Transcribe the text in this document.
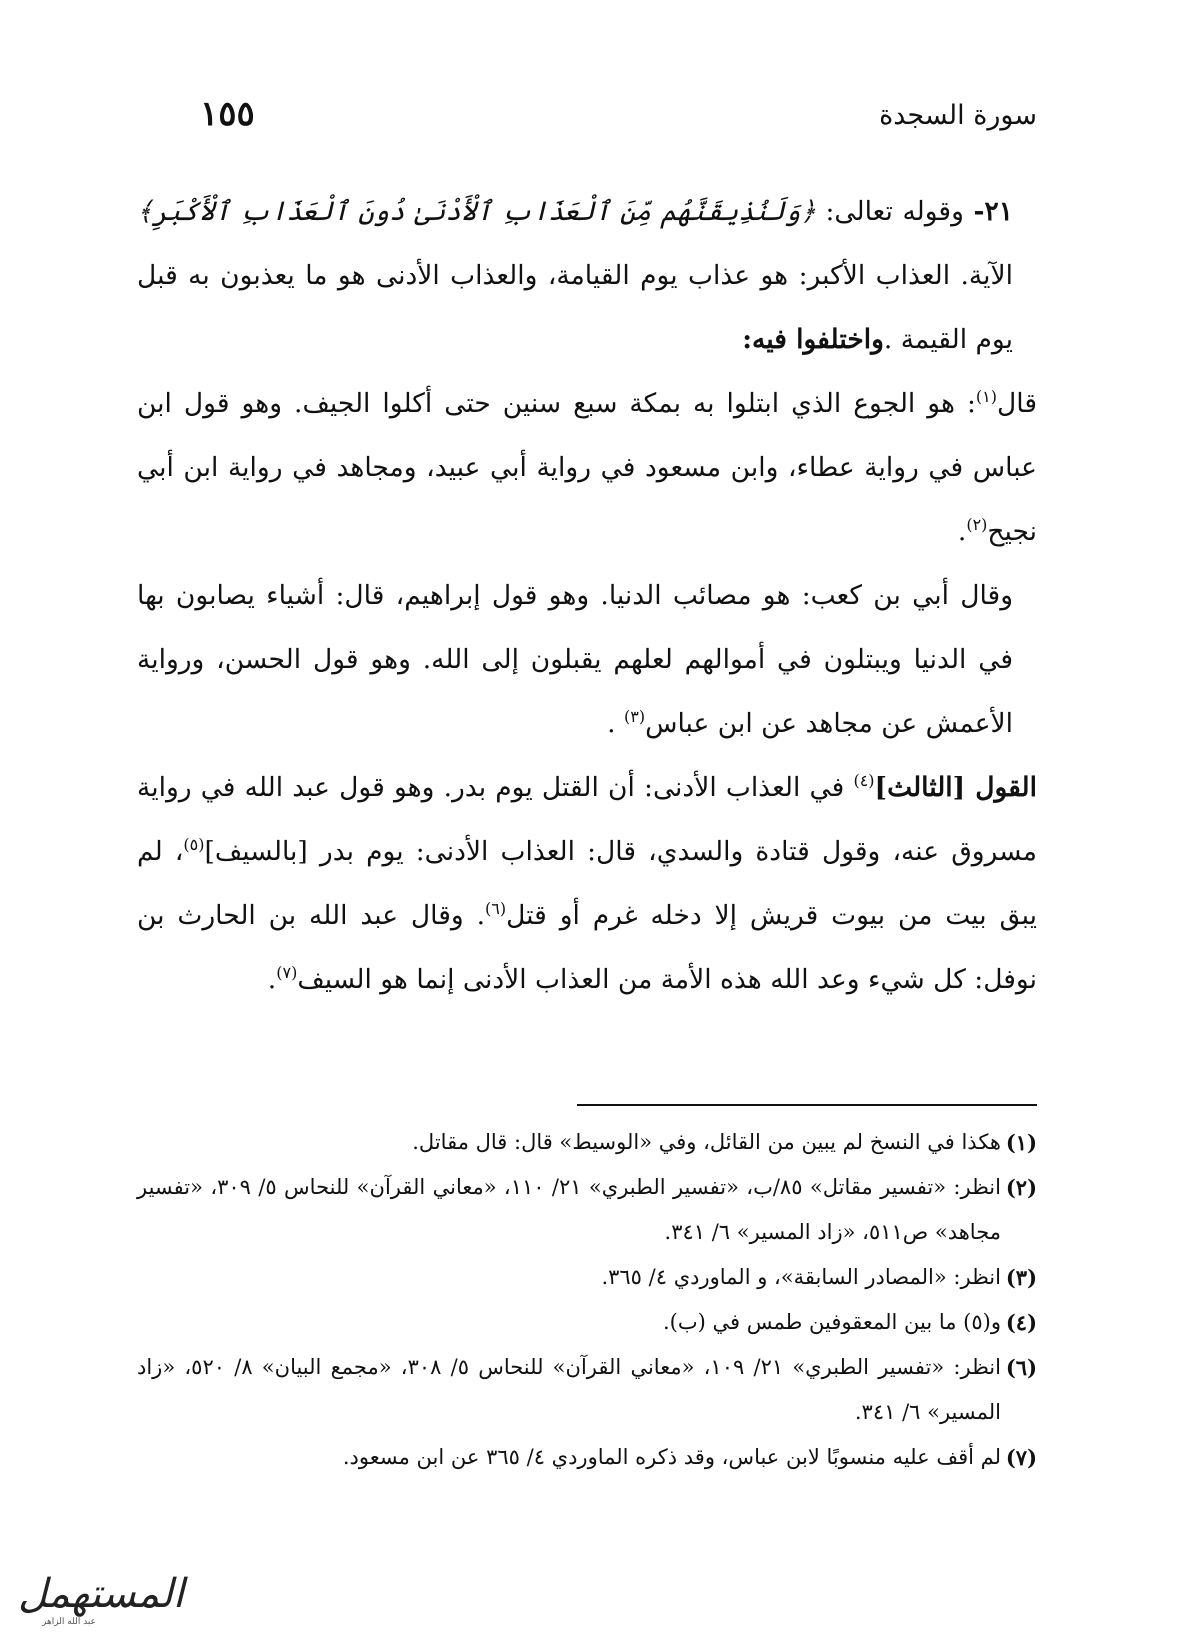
سورة السجدة
١٥٥

٢١- وقوله تعالى: ﴿وَلَنُذِيقَنَّهُم مِّنَ ٱلْعَذَابِ ٱلْأَدْنَىٰ دُونَ ٱلْعَذَابِ ٱلْأَكْبَرِ﴾ الآية. العذاب الأكبر: هو عذاب يوم القيامة، والعذاب الأدنى هو ما يعذبون به قبل يوم القيمة .واختلفوا فيه:

قال$^{(١)}$: هو الجوع الذي ابتلوا به بمكة سبع سنين حتى أكلوا الجيف. وهو قول ابن عباس في رواية عطاء، وابن مسعود في رواية أبي عبيد، ومجاهد في رواية ابن أبي نجيح$^{(٢)}$.

وقال أبي بن كعب: هو مصائب الدنيا. وهو قول إبراهيم، قال: أشياء يصابون بها في الدنيا ويبتلون في أموالهم لعلهم يقبلون إلى الله. وهو قول الحسن، ورواية الأعمش عن مجاهد عن ابن عباس$^{(٣)}$ .

القول [الثالث]$^{(٤)}$ في العذاب الأدنى: أن القتل يوم بدر. وهو قول عبد الله في رواية مسروق عنه، وقول قتادة والسدي، قال: العذاب الأدنى: يوم بدر [بالسيف]$^{(٥)}$، لم يبق بيت من بيوت قريش إلا دخله غرم أو قتل$^{(٦)}$. وقال عبد الله بن الحارث بن نوفل: كل شيء وعد الله هذه الأمة من العذاب الأدنى إنما هو السيف$^{(٧)}$.

(١)
هكذا في النسخ لم يبين من القائل، وفي «الوسيط» قال: قال مقاتل.
(٢)
انظر: «تفسير مقاتل» ٨٥/ب، «تفسير الطبري» ٢١/ ١١٠، «معاني القرآن» للنحاس ٥/ ٣٠٩، «تفسير مجاهد» ص٥١١، «زاد المسير» ٦/ ٣٤١.
(٣)
انظر: «المصادر السابقة»، و الماوردي ٤/ ٣٦٥.
(٤)
و(٥) ما بين المعقوفين طمس في (ب).
(٦)
انظر: «تفسير الطبري» ٢١/ ١٠٩، «معاني القرآن» للنحاس ٥/ ٣٠٨، «مجمع البيان» ٨/ ٥٢٠، «زاد المسير» ٦/ ٣٤١.
(٧)
لم أقف عليه منسوبًا لابن عباس، وقد ذكره الماوردي ٤/ ٣٦٥ عن ابن مسعود.
المستهمل
عبد الله الزاهر
